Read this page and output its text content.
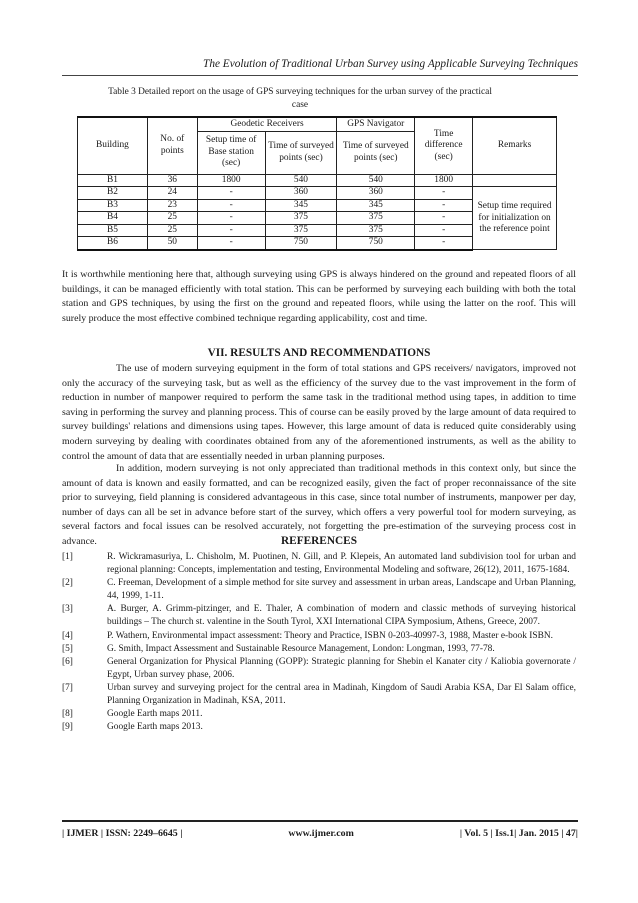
The Evolution of Traditional Urban Survey using Applicable Surveying Techniques
Table 3 Detailed report on the usage of GPS surveying techniques for the urban survey of the practical case
Building	No. of points	Geodetic Receivers		GPS Navigator	Time difference (sec)	Remarks
		Setup time of Base station (sec)	Time of surveyed points (sec)	Time of surveyed points (sec)		
B1	36	1800	540	540	1800	
B2	24	-	360	360	-	Setup time required for initialization on the reference point
B3	23	-	345	345	-	
B4	25	-	375	375	-	
B5	25	-	375	375	-	
B6	50	-	750	750	-	

It is worthwhile mentioning here that, although surveying using GPS is always hindered on the ground and repeated floors of all buildings, it can be managed efficiently with total station. This can be performed by surveying each building with both the total station and GPS techniques, by using the first on the ground and repeated floors, while using the latter on the roof. This will surely produce the most effective combined technique regarding applicability, cost and time.

VII. RESULTS AND RECOMMENDATIONS

The use of modern surveying equipment in the form of total stations and GPS receivers/ navigators, improved not only the accuracy of the surveying task, but as well as the efficiency of the survey due to the vast improvement in the form of reduction in number of manpower required to perform the same task in the traditional method using tapes, in addition to time saving in performing the survey and planning process. This of course can be easily proved by the large amount of data required to survey buildings' relations and dimensions using tapes. However, this large amount of data is reduced quite considerably using modern surveying by dealing with coordinates obtained from any of the aforementioned instruments, as well as the ability to control the amount of data that are essentially needed in urban planning purposes.

In addition, modern surveying is not only appreciated than traditional methods in this context only, but since the amount of data is known and easily formatted, and can be recognized easily, given the fact of proper reconnaissance of the site prior to surveying, field planning is considered advantageous in this case, since total number of instruments, manpower per day, number of days can all be set in advance before start of the survey, which offers a very powerful tool for modern surveying, as several factors and focal issues can be resolved accurately, not forgetting the pre-estimation of the surveying process cost in advance.	REFERENCES
[1]	R. Wickramasuriya, L. Chisholm, M. Puotinen, N. Gill, and P. Klepeis, An automated land subdivision tool for urban and regional planning: Concepts, implementation and testing, Environmental Modeling and software, 26(12), 2011, 1675-1684.
[2]	C. Freeman, Development of a simple method for site survey and assessment in urban areas, Landscape and Urban Planning, 44, 1999, 1-11.
[3]	A. Burger, A. Grimm-pitzinger, and E. Thaler, A combination of modern and classic methods of surveying historical buildings – The church st. valentine in the South Tyrol, XXI International CIPA Symposium, Athens, Greece, 2007.
[4]	P. Wathern, Environmental impact assessment: Theory and Practice, ISBN 0-203-40997-3, 1988, Master e-book ISBN.
[5]	G. Smith, Impact Assessment and Sustainable Resource Management, London: Longman, 1993, 77-78.
[6]	General Organization for Physical Planning (GOPP): Strategic planning for Shebin el Kanater city / Kaliobia governorate / Egypt, Urban survey phase, 2006.
[7]	Urban survey and surveying project for the central area in Madinah, Kingdom of Saudi Arabia KSA, Dar El Salam office, Planning Organization in Madinah, KSA, 2011.
[8]	Google Earth maps 2011.
[9]	Google Earth maps 2013.
| IJMER | ISSN: 2249–6645 |	www.ijmer.com	| Vol. 5 | Iss.1| Jan. 2015 | 47|
